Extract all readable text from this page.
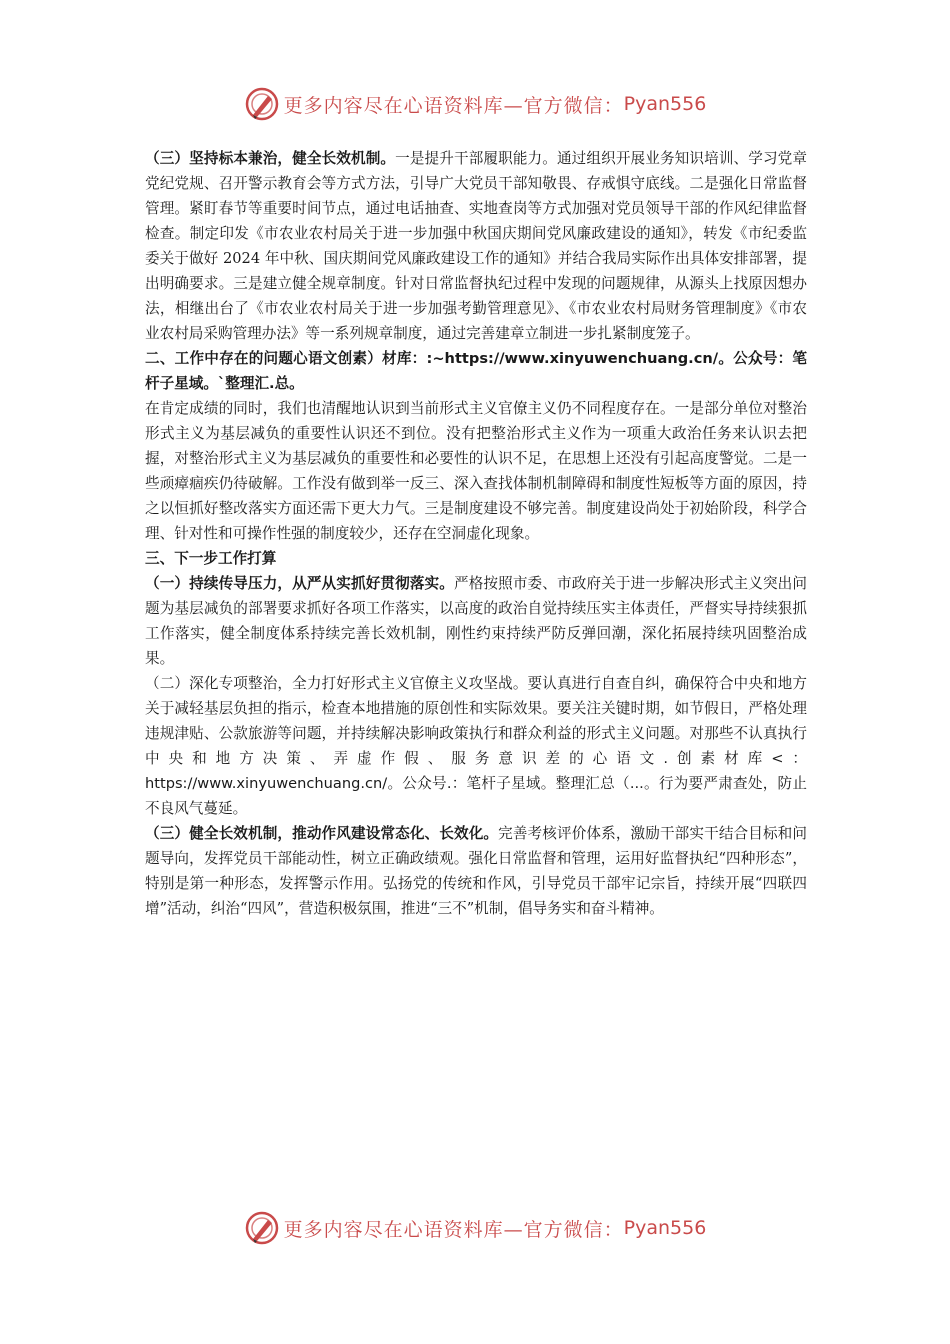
更多内容尽在心语资料库—官方微信： Pyan556

（三）坚持标本兼治，健全长效机制。一是提升干部履职能力。通过组织开展业务知识培训、学习党章党纪党规、召开警示教育会等方式方法，引导广大党员干部知敬畏、存戒惧守底线。二是强化日常监督管理。紧盯春节等重要时间节点，通过电话抽查、实地查岗等方式加强对党员领导干部的作风纪律监督检查。制定印发《市农业农村局关于进一步加强中秋国庆期间党风廉政建设的通知》，转发《市纪委监委关于做好 2024 年中秋、国庆期间党风廉政建设工作的通知》并结合我局实际作出具体安排部署，提出明确要求。三是建立健全规章制度。针对日常监督执纪过程中发现的问题规律，从源头上找原因想办法，相继出台了《市农业农村局关于进一步加强考勤管理意见》、《市农业农村局财务管理制度》《市农业农村局采购管理办法》等一系列规章制度，通过完善建章立制进一步扎紧制度笼子。

二、工作中存在的问题心语文创素）材库：:~https://www.xinyuwenchuang.cn/。公众号：笔杆子星域。`整理汇.总。

在肯定成绩的同时，我们也清醒地认识到当前形式主义官僚主义仍不同程度存在。一是部分单位对整治形式主义为基层减负的重要性认识还不到位。没有把整治形式主义作为一项重大政治任务来认识去把握，对整治形式主义为基层减负的重要性和必要性的认识不足，在思想上还没有引起高度警觉。二是一些顽瘴痼疾仍待破解。工作没有做到举一反三、深入查找体制机制障碍和制度性短板等方面的原因，持之以恒抓好整改落实方面还需下更大力气。三是制度建设不够完善。制度建设尚处于初始阶段，科学合理、针对性和可操作性强的制度较少，还存在空洞虚化现象。

三、下一步工作打算

（一）持续传导压力，从严从实抓好贯彻落实。严格按照市委、市政府关于进一步解决形式主义突出问题为基层减负的部署要求抓好各项工作落实，以高度的政治自觉持续压实主体责任，严督实导持续狠抓工作落实，健全制度体系持续完善长效机制，刚性约束持续严防反弹回潮，深化拓展持续巩固整治成果。

（二）深化专项整治，全力打好形式主义官僚主义攻坚战。要认真进行自查自纠，确保符合中央和地方关于减轻基层负担的指示，检查本地措施的原创性和实际效果。要关注关键时期，如节假日，严格处理违规津贴、公款旅游等问题，并持续解决影响政策执行和群众利益的形式主义问题。对那些不认真执行中央和地方决策、弄虚作假、服务意识差的心语文.创素材库<：https://www.xinyuwenchuang.cn/。公众号.：笔杆子星域。整理汇总（...。行为要严肃查处，防止不良风气蔓延。

（三）健全长效机制，推动作风建设常态化、长效化。完善考核评价体系，激励干部实干结合目标和问题导向，发挥党员干部能动性，树立正确政绩观。强化日常监督和管理，运用好监督执纪“四种形态”，特别是第一种形态，发挥警示作用。弘扬党的传统和作风，引导党员干部牢记宗旨，持续开展“四联四增”活动，纠治“四风”，营造积极氛围，推进“三不”机制，倡导务实和奋斗精神。

更多内容尽在心语资料库—官方微信： Pyan556
